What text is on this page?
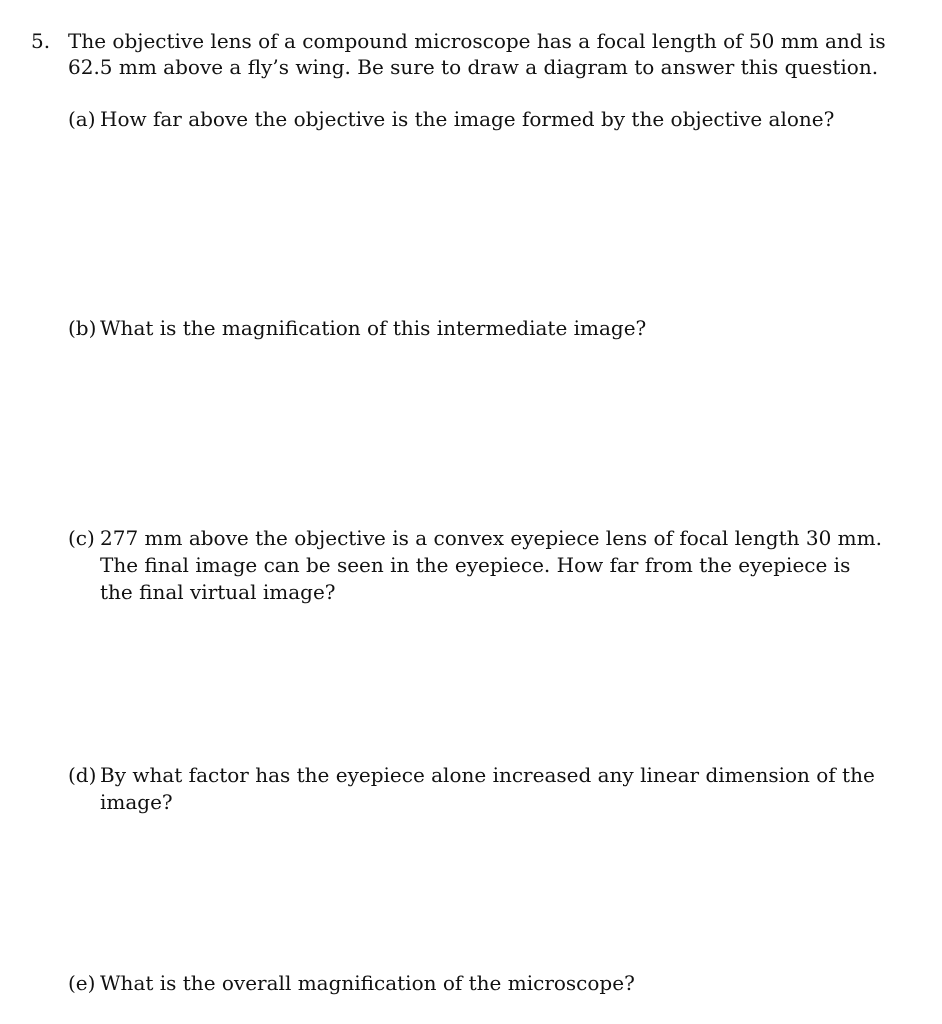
5. The objective lens of a compound microscope has a focal length of 50 mm and is 62.5 mm above a fly’s wing. Be sure to draw a diagram to answer this question.
(a) How far above the objective is the image formed by the objective alone?
(b) What is the magnification of this intermediate image?
(c) 277 mm above the objective is a convex eyepiece lens of focal length 30 mm. The final image can be seen in the eyepiece. How far from the eyepiece is the final virtual image?
(d) By what factor has the eyepiece alone increased any linear dimension of the image?
(e) What is the overall magnification of the microscope?
